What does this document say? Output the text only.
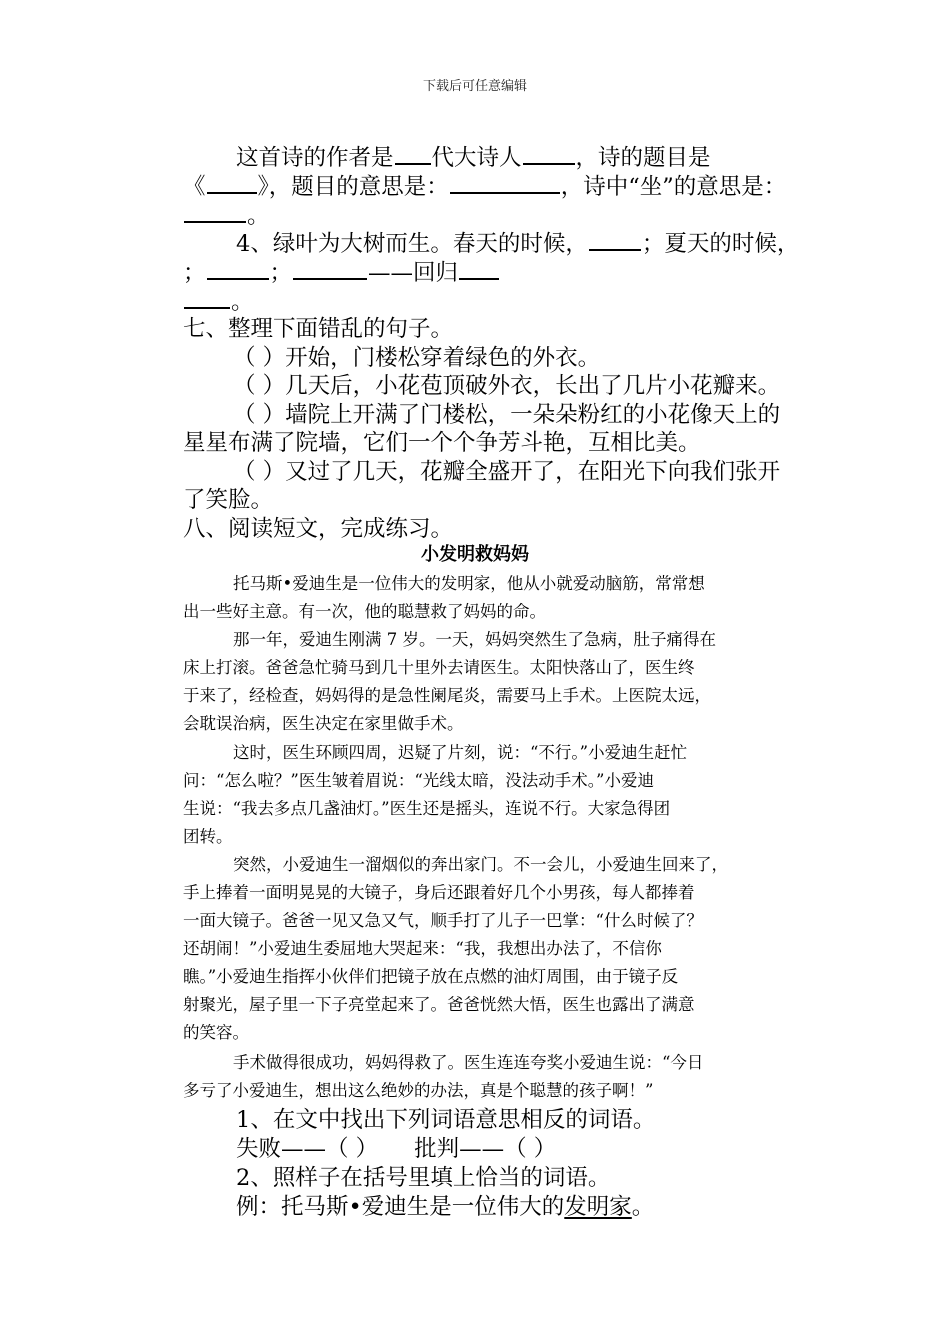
下载后可任意编辑
这首诗的作者是 代大诗人 ，诗的题目是
《 》，题目的意思是：	，诗中“坐”的意思是：
。
4、绿叶为大树而生。春天的时候， ；夏天的时候，
；	；	——回归
。
七、整理下面错乱的句子。
（ ）开始，门楼松穿着绿色的外衣。
（ ）几天后，小花苞顶破外衣，长出了几片小花瓣来。
（ ）墙院上开满了门楼松，一朵朵粉红的小花像天上的
星星布满了院墙，它们一个个争芳斗艳，互相比美。
（ ）又过了几天，花瓣全盛开了，在阳光下向我们张开
了笑脸。
八、阅读短文，完成练习。
小发明救妈妈
托马斯•爱迪生是一位伟大的发明家，他从小就爱动脑筋，常常想
出一些好主意。有一次，他的聪慧救了妈妈的命。
那一年，爱迪生刚满 7 岁。一天，妈妈突然生了急病，肚子痛得在
床上打滚。爸爸急忙骑马到几十里外去请医生。太阳快落山了，医生终
于来了，经检查，妈妈得的是急性阑尾炎，需要马上手术。上医院太远，
会耽误治病，医生决定在家里做手术。
这时，医生环顾四周，迟疑了片刻，说：“不行。”小爱迪生赶忙
问：“怎么啦？”医生皱着眉说：“光线太暗，没法动手术。”小爱迪
生说：“我去多点几盏油灯。”医生还是摇头，连说不行。大家急得团
团转。
突然，小爱迪生一溜烟似的奔出家门。不一会儿，小爱迪生回来了，
手上捧着一面明晃晃的大镜子，身后还跟着好几个小男孩，每人都捧着
一面大镜子。爸爸一见又急又气，顺手打了儿子一巴掌：“什么时候了？
还胡闹！”小爱迪生委屈地大哭起来：“我，我想出办法了，不信你
瞧。”小爱迪生指挥小伙伴们把镜子放在点燃的油灯周围，由于镜子反
射聚光，屋子里一下子亮堂起来了。爸爸恍然大悟，医生也露出了满意
的笑容。
手术做得很成功，妈妈得救了。医生连连夸奖小爱迪生说：“今日
多亏了小爱迪生，想出这么绝妙的办法，真是个聪慧的孩子啊！”
1、在文中找出下列词语意思相反的词语。
失败——（ ） 批判——（ ）
2、照样子在括号里填上恰当的词语。
例：托马斯•爱迪生是一位伟大的发明家。
